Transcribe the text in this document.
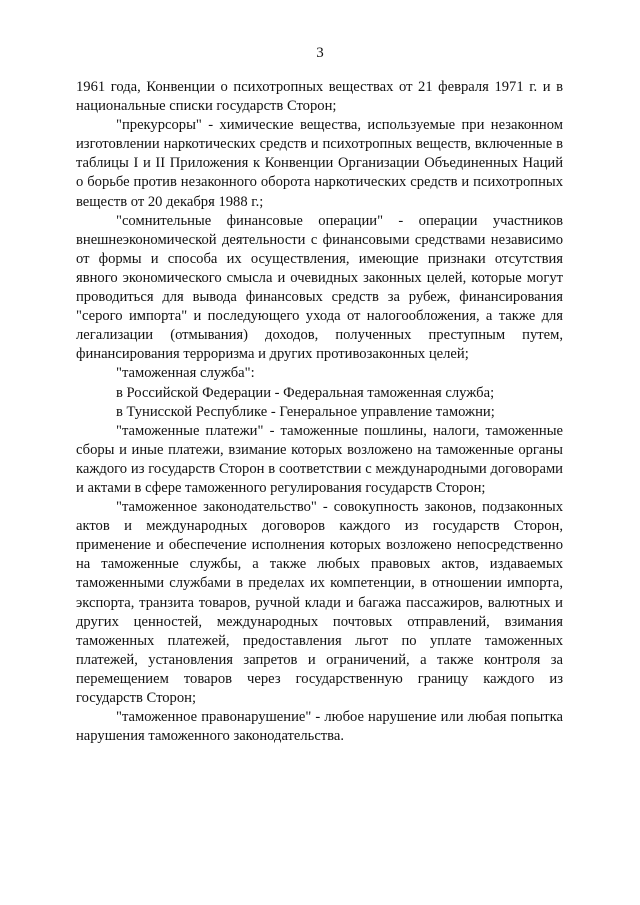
3

1961 года, Конвенции о психотропных веществах от 21 февраля 1971 г. и в национальные списки государств Сторон;

"прекурсоры" - химические вещества, используемые при незаконном изготовлении наркотических средств и психотропных веществ, включенные в таблицы I и II Приложения к Конвенции Организации Объединенных Наций о борьбе против незаконного оборота наркотических средств и психотропных веществ от 20 декабря 1988 г.;

"сомнительные финансовые операции" - операции участников внешнеэкономической деятельности с финансовыми средствами независимо от формы и способа их осуществления, имеющие признаки отсутствия явного экономического смысла и очевидных законных целей, которые могут проводиться для вывода финансовых средств за рубеж, финансирования "серого импорта" и последующего ухода от налогообложения, а также для легализации (отмывания) доходов, полученных преступным путем, финансирования терроризма и других противозаконных целей;

"таможенная служба":

в Российской Федерации - Федеральная таможенная служба;

в Тунисской Республике - Генеральное управление таможни;

"таможенные платежи" - таможенные пошлины, налоги, таможенные сборы и иные платежи, взимание которых возложено на таможенные органы каждого из государств Сторон в соответствии с международными договорами и актами в сфере таможенного регулирования государств Сторон;

"таможенное законодательство" - совокупность законов, подзаконных актов и международных договоров каждого из государств Сторон, применение и обеспечение исполнения которых возложено непосредственно на таможенные службы, а также любых правовых актов, издаваемых таможенными службами в пределах их компетенции, в отношении импорта, экспорта, транзита товаров, ручной клади и багажа пассажиров, валютных и других ценностей, международных почтовых отправлений, взимания таможенных платежей, предоставления льгот по уплате таможенных платежей, установления запретов и ограничений, а также контроля за перемещением товаров через государственную границу каждого из государств Сторон;

"таможенное правонарушение" - любое нарушение или любая попытка нарушения таможенного законодательства.
